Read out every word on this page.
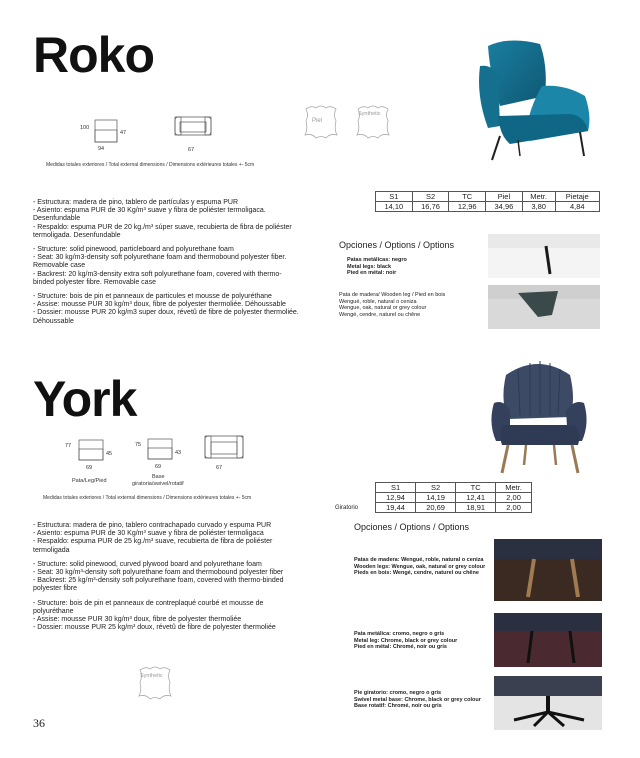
Roko
100
47
94	67
Piel
Synthetic
Medidas totales exteriores / Total external dimensions / Dimensions extérieures totales +- 5cm

- Estructura: madera de pino, tablero de partículas y espuma PUR

- Asiento: espuma PUR de 30 Kg/m³ suave y fibra de poliéster termoligaca. Desenfundable

- Respaldo: espuma PUR de 20 kg./m³ súper suave, recubierta de fibra de poliéster termoligada. Desenfundable

- Structure: solid pinewood, particleboard and polyurethane foam

- Seat: 30 kg/m3-density soft polyurethane foam and thermobound polyester fiber. Removable case

- Backrest: 20 kg/m3-density extra soft polyurethane foam, covered with thermo-binded polyester fibre. Removable case

- Structure: bois de pin et panneaux de particules et mousse de polyuréthane

- Assise: mousse PUR 30 kg/m³ doux, fibre de polyester thermoliée. Déhoussable

- Dossier: mousse PUR 20 kg/m3 super doux, révetû de fibre de polyester thermoliée. Déhoussable

S1	S2	TC	Piel	Metr.	Pietaje
14,10	16,76	12,96	34,96	3,80	4,84
Opciones / Options / Options
Patas metálicas: negro
Metal legs: black
Pied en métal: noir
Pata de madera/ Wooden leg / Pied en bois
Wengué, roble, natural o ceniza
Wengue, oak, natural or grey colour
Wengé, cendre, naturel ou chêne
York
77
45
69
Pata/Leg/Pied
75
43
69
Base
giratoria/swivel/rotatif
67
Medidas totales exteriores / Total external dimensions / Dimensions extérieures totales +- 5cm
Giratorio
S1	S2	TC	Metr.
12,94	14,19	12,41	2,00
19,44	20,69	18,91	2,00
Opciones / Options / Options

- Estructura: madera de pino, tablero contrachapado curvado y espuma PUR

- Asiento: espuma PUR de 30 Kg/m³ suave y fibra de poliéster termoligaca

- Respaldo: espuma PUR de 25 kg./m³ suave, recubierta de fibra de poliéster termoligada

- Structure: solid pinewood, curved plywood board and polyurethane foam

- Seat: 30 kg/m³-density soft polyurethane foam and thermobound polyester fiber

- Backrest: 25 kg/m³-density soft polyurethane foam, covered with thermo-binded polyester fibre

- Structure: bois de pin et panneaux de contreplaqué courbé et mousse de polyuréthane

- Assise: mousse PUR 30 kg/m³ doux, fibre de polyester thermoliée

- Dossier: mousse PUR 25 kg/m³ doux, révetû de fibre de polyester thermoliée

Synthetic
Patas de madera: Wengué, roble, natural o ceniza
Wooden legs: Wengue, oak, natural or grey colour
Pieds en bois: Wengé, cendre, naturel ou chêne
Pata metálica: cromo, negro o gris
Metal leg: Chrome, black or grey colour
Pied en métal: Chromé, noir ou gris
Pie giratorio: cromo, negro o gris
Swivel metal base: Chrome, black or grey colour
Base rotatif: Chromé, noir ou gris
36
